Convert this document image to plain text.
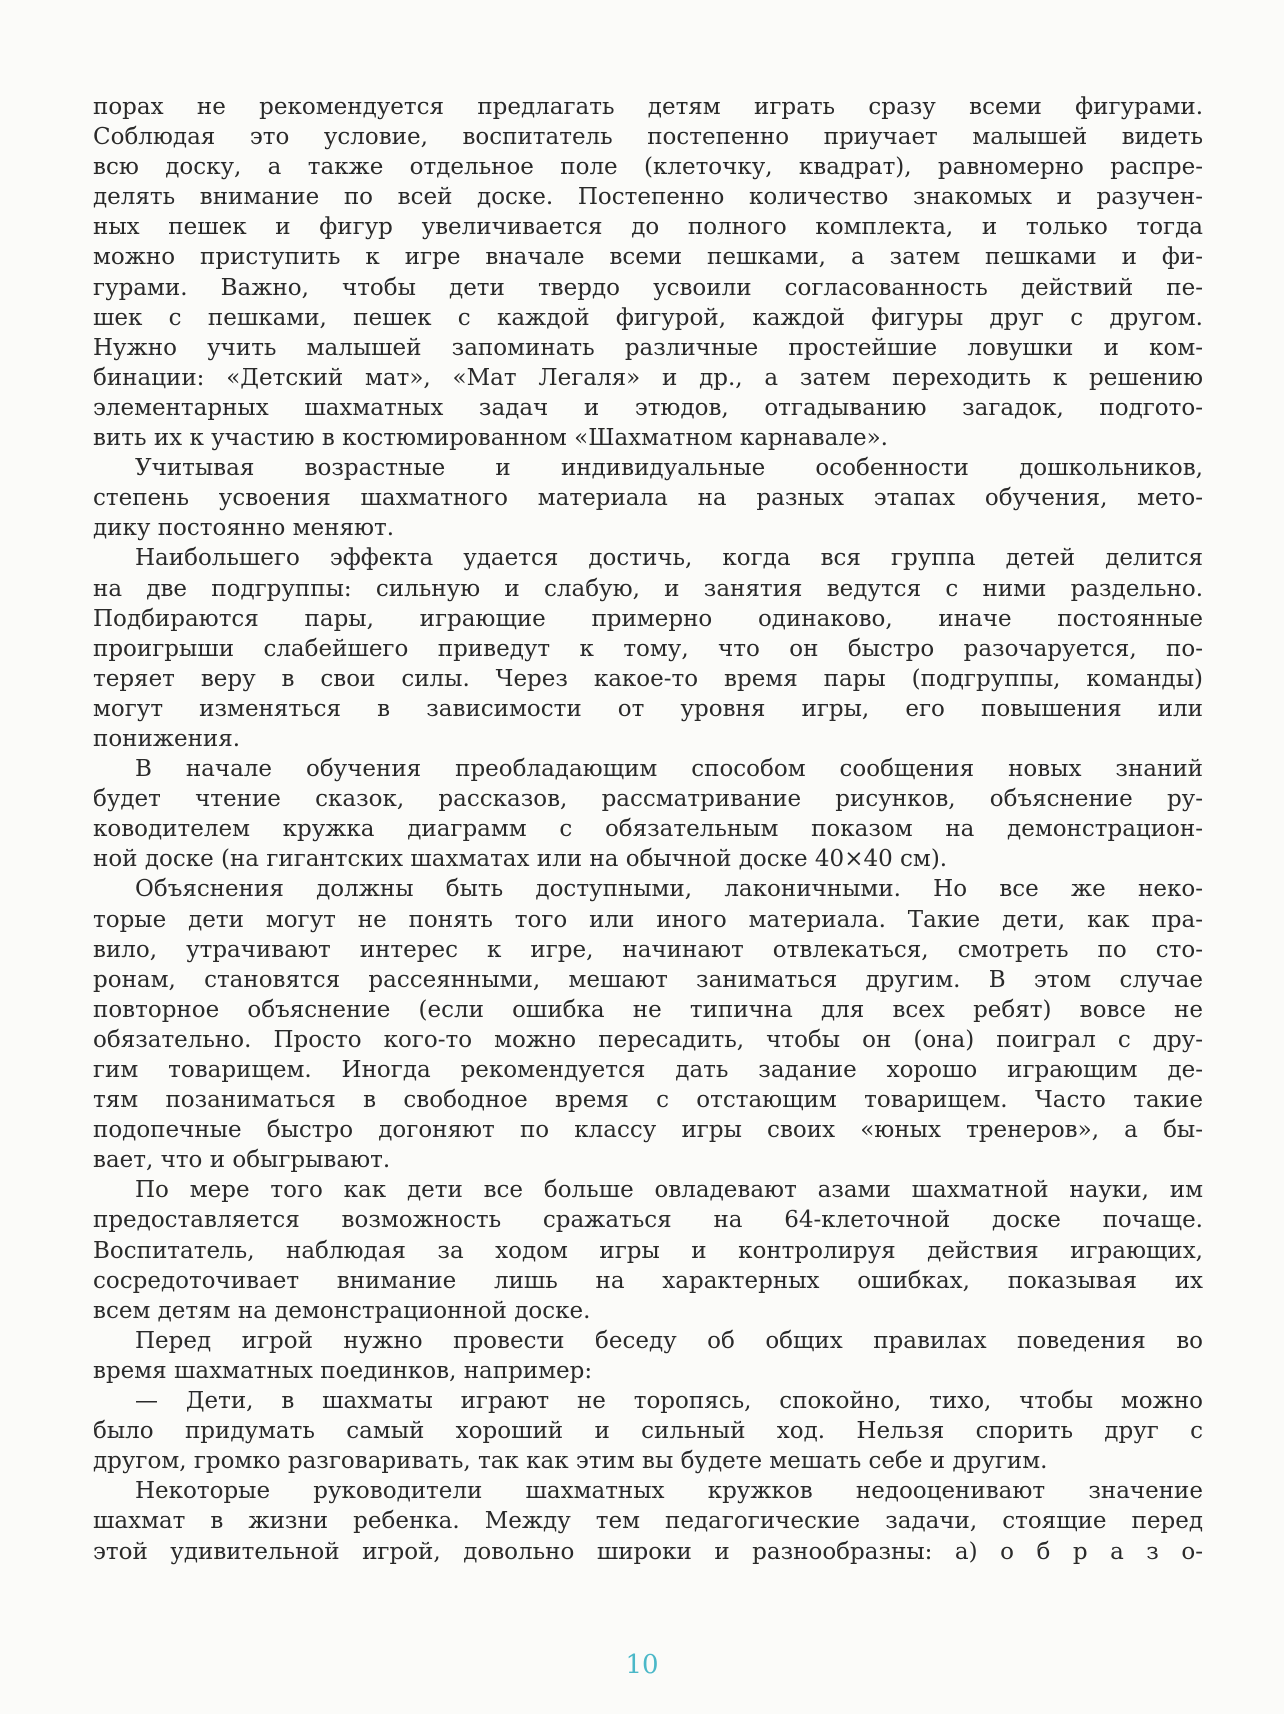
порах не рекомендуется предлагать детям играть сразу всеми фигурами.
Соблюдая это условие, воспитатель постепенно приучает малышей видеть
всю доску, а также отдельное поле (клеточку, квадрат), равномерно распре-
делять внимание по всей доске. Постепенно количество знакомых и разучен-
ных пешек и фигур увеличивается до полного комплекта, и только тогда
можно приступить к игре вначале всеми пешками, а затем пешками и фи-
гурами. Важно, чтобы дети твердо усвоили согласованность действий пе-
шек с пешками, пешек с каждой фигурой, каждой фигуры друг с другом.
Нужно учить малышей запоминать различные простейшие ловушки и ком-
бинации: «Детский мат», «Мат Легаля» и др., а затем переходить к решению
элементарных шахматных задач и этюдов, отгадыванию загадок, подгото-
вить их к участию в костюмированном «Шахматном карнавале».
Учитывая возрастные и индивидуальные особенности дошкольников,
степень усвоения шахматного материала на разных этапах обучения, мето-
дику постоянно меняют.
Наибольшего эффекта удается достичь, когда вся группа детей делится
на две подгруппы: сильную и слабую, и занятия ведутся с ними раздельно.
Подбираются пары, играющие примерно одинаково, иначе постоянные
проигрыши слабейшего приведут к тому, что он быстро разочаруется, по-
теряет веру в свои силы. Через какое-то время пары (подгруппы, команды)
могут изменяться в зависимости от уровня игры, его повышения или
понижения.
В начале обучения преобладающим способом сообщения новых знаний
будет чтение сказок, рассказов, рассматривание рисунков, объяснение ру-
ководителем кружка диаграмм с обязательным показом на демонстрацион-
ной доске (на гигантских шахматах или на обычной доске 40×40 см).
Объяснения должны быть доступными, лаконичными. Но все же неко-
торые дети могут не понять того или иного материала. Такие дети, как пра-
вило, утрачивают интерес к игре, начинают отвлекаться, смотреть по сто-
ронам, становятся рассеянными, мешают заниматься другим. В этом случае
повторное объяснение (если ошибка не типична для всех ребят) вовсе не
обязательно. Просто кого-то можно пересадить, чтобы он (она) поиграл с дру-
гим товарищем. Иногда рекомендуется дать задание хорошо играющим де-
тям позаниматься в свободное время с отстающим товарищем. Часто такие
подопечные быстро догоняют по классу игры своих «юных тренеров», а бы-
вает, что и обыгрывают.
По мере того как дети все больше овладевают азами шахматной науки, им
предоставляется возможность сражаться на 64-клеточной доске почаще.
Воспитатель, наблюдая за ходом игры и контролируя действия играющих,
сосредоточивает внимание лишь на характерных ошибках, показывая их
всем детям на демонстрационной доске.
Перед игрой нужно провести беседу об общих правилах поведения во
время шахматных поединков, например:
— Дети, в шахматы играют не торопясь, спокойно, тихо, чтобы можно
было придумать самый хороший и сильный ход. Нельзя спорить друг с
другом, громко разговаривать, так как этим вы будете мешать себе и другим.
Некоторые руководители шахматных кружков недооценивают значение
шахмат в жизни ребенка. Между тем педагогические задачи, стоящие перед
этой удивительной игрой, довольно широки и разнообразны: а) о б р а з о-
10
